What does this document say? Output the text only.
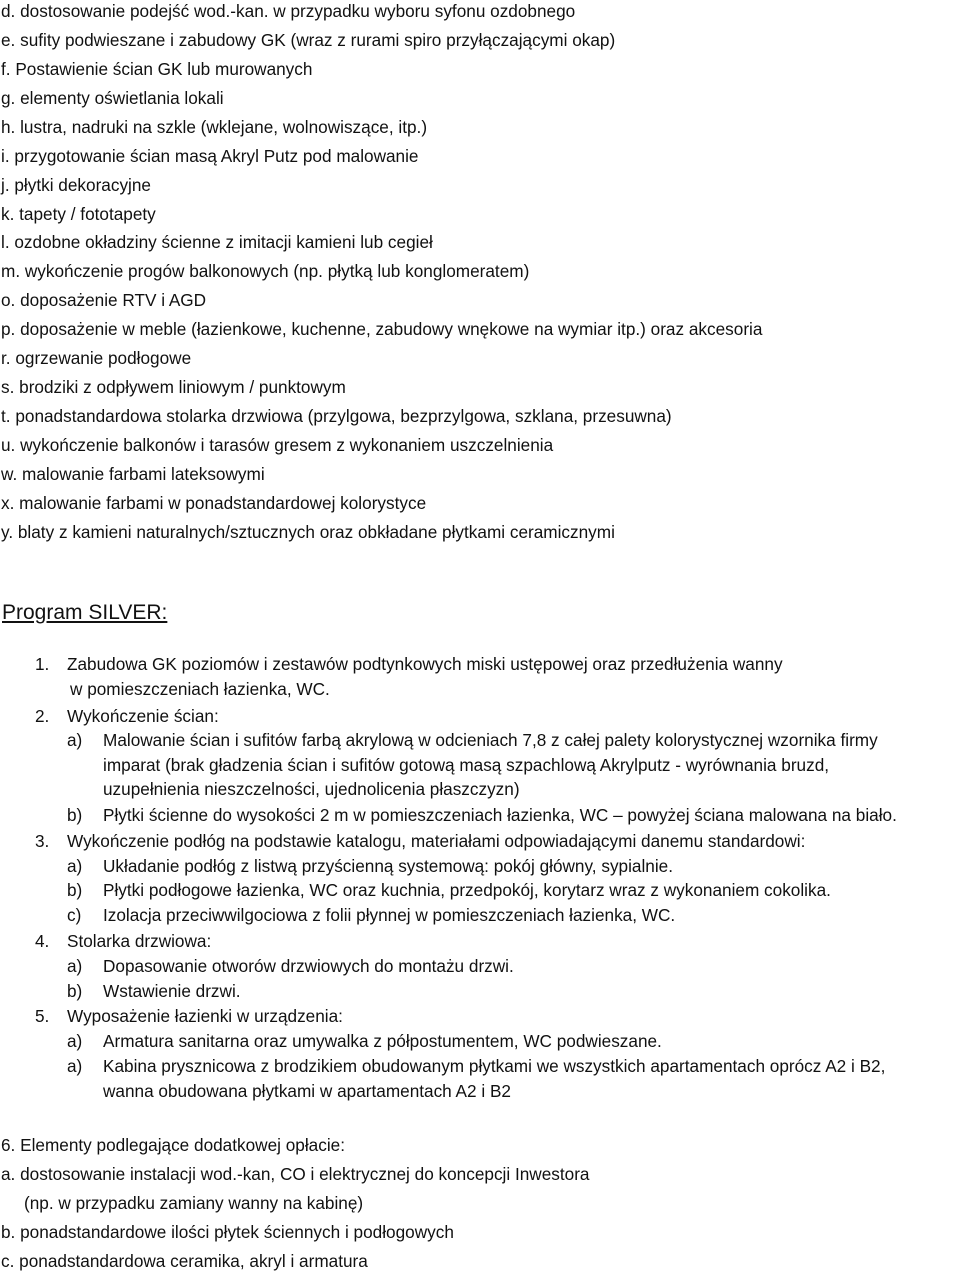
d. dostosowanie podejść wod.-kan. w przypadku wyboru syfonu ozdobnego
e. sufity podwieszane i zabudowy GK (wraz z rurami spiro przyłączającymi okap)
f. Postawienie ścian GK lub murowanych
g. elementy oświetlania lokali
h. lustra, nadruki na szkle (wklejane, wolnowiszące, itp.)
i. przygotowanie ścian masą Akryl Putz pod malowanie
j. płytki dekoracyjne
k. tapety / fototapety
l. ozdobne okładziny ścienne z imitacji kamieni lub cegieł
m. wykończenie progów balkonowych (np. płytką lub konglomeratem)
o. doposażenie RTV i AGD
p. doposażenie w meble (łazienkowe, kuchenne, zabudowy wnękowe na wymiar itp.) oraz akcesoria
r. ogrzewanie podłogowe
s. brodziki z odpływem liniowym / punktowym
t. ponadstandardowa stolarka drzwiowa (przylgowa, bezprzylgowa, szklana, przesuwna)
u. wykończenie balkonów i tarasów gresem z wykonaniem uszczelnienia
w. malowanie farbami lateksowymi
x. malowanie farbami w ponadstandardowej kolorystyce
y. blaty z kamieni naturalnych/sztucznych oraz obkładane płytkami ceramicznymi
Program SILVER:
1. Zabudowa GK poziomów i zestawów podtynkowych miski ustępowej oraz przedłużenia wanny
w pomieszczeniach łazienka, WC.
2. Wykończenie ścian:
a) Malowanie ścian i sufitów farbą akrylową w odcieniach 7,8 z całej palety kolorystycznej wzornika firmy
imparat (brak gładzenia ścian i sufitów gotową masą szpachlową Akrylputz - wyrównania bruzd,
uzupełnienia nieszczelności, ujednolicenia płaszczyzn)
b) Płytki ścienne do wysokości 2 m w pomieszczeniach łazienka, WC – powyżej ściana malowana na biało.
3. Wykończenie podłóg na podstawie katalogu, materiałami odpowiadającymi danemu standardowi:
a) Układanie podłóg z listwą przyścienną systemową: pokój główny, sypialnie.
b) Płytki podłogowe łazienka, WC oraz kuchnia, przedpokój, korytarz wraz z wykonaniem cokolika.
c) Izolacja przeciwwilgociowa z folii płynnej w pomieszczeniach łazienka, WC.
4. Stolarka drzwiowa:
a) Dopasowanie otworów drzwiowych do montażu drzwi.
b) Wstawienie drzwi.
5. Wyposażenie łazienki w urządzenia:
a) Armatura sanitarna oraz umywalka z półpostumentem, WC podwieszane.
a) Kabina prysznicowa z brodzikiem obudowanym płytkami we wszystkich apartamentach oprócz A2 i B2,
wanna obudowana płytkami w apartamentach A2 i B2
6. Elementy podlegające dodatkowej opłacie:
a. dostosowanie instalacji wod.-kan, CO i elektrycznej do koncepcji Inwestora
(np. w przypadku zamiany wanny na kabinę)
b. ponadstandardowe ilości płytek ściennych i podłogowych
c. ponadstandardowa ceramika, akryl i armatura
